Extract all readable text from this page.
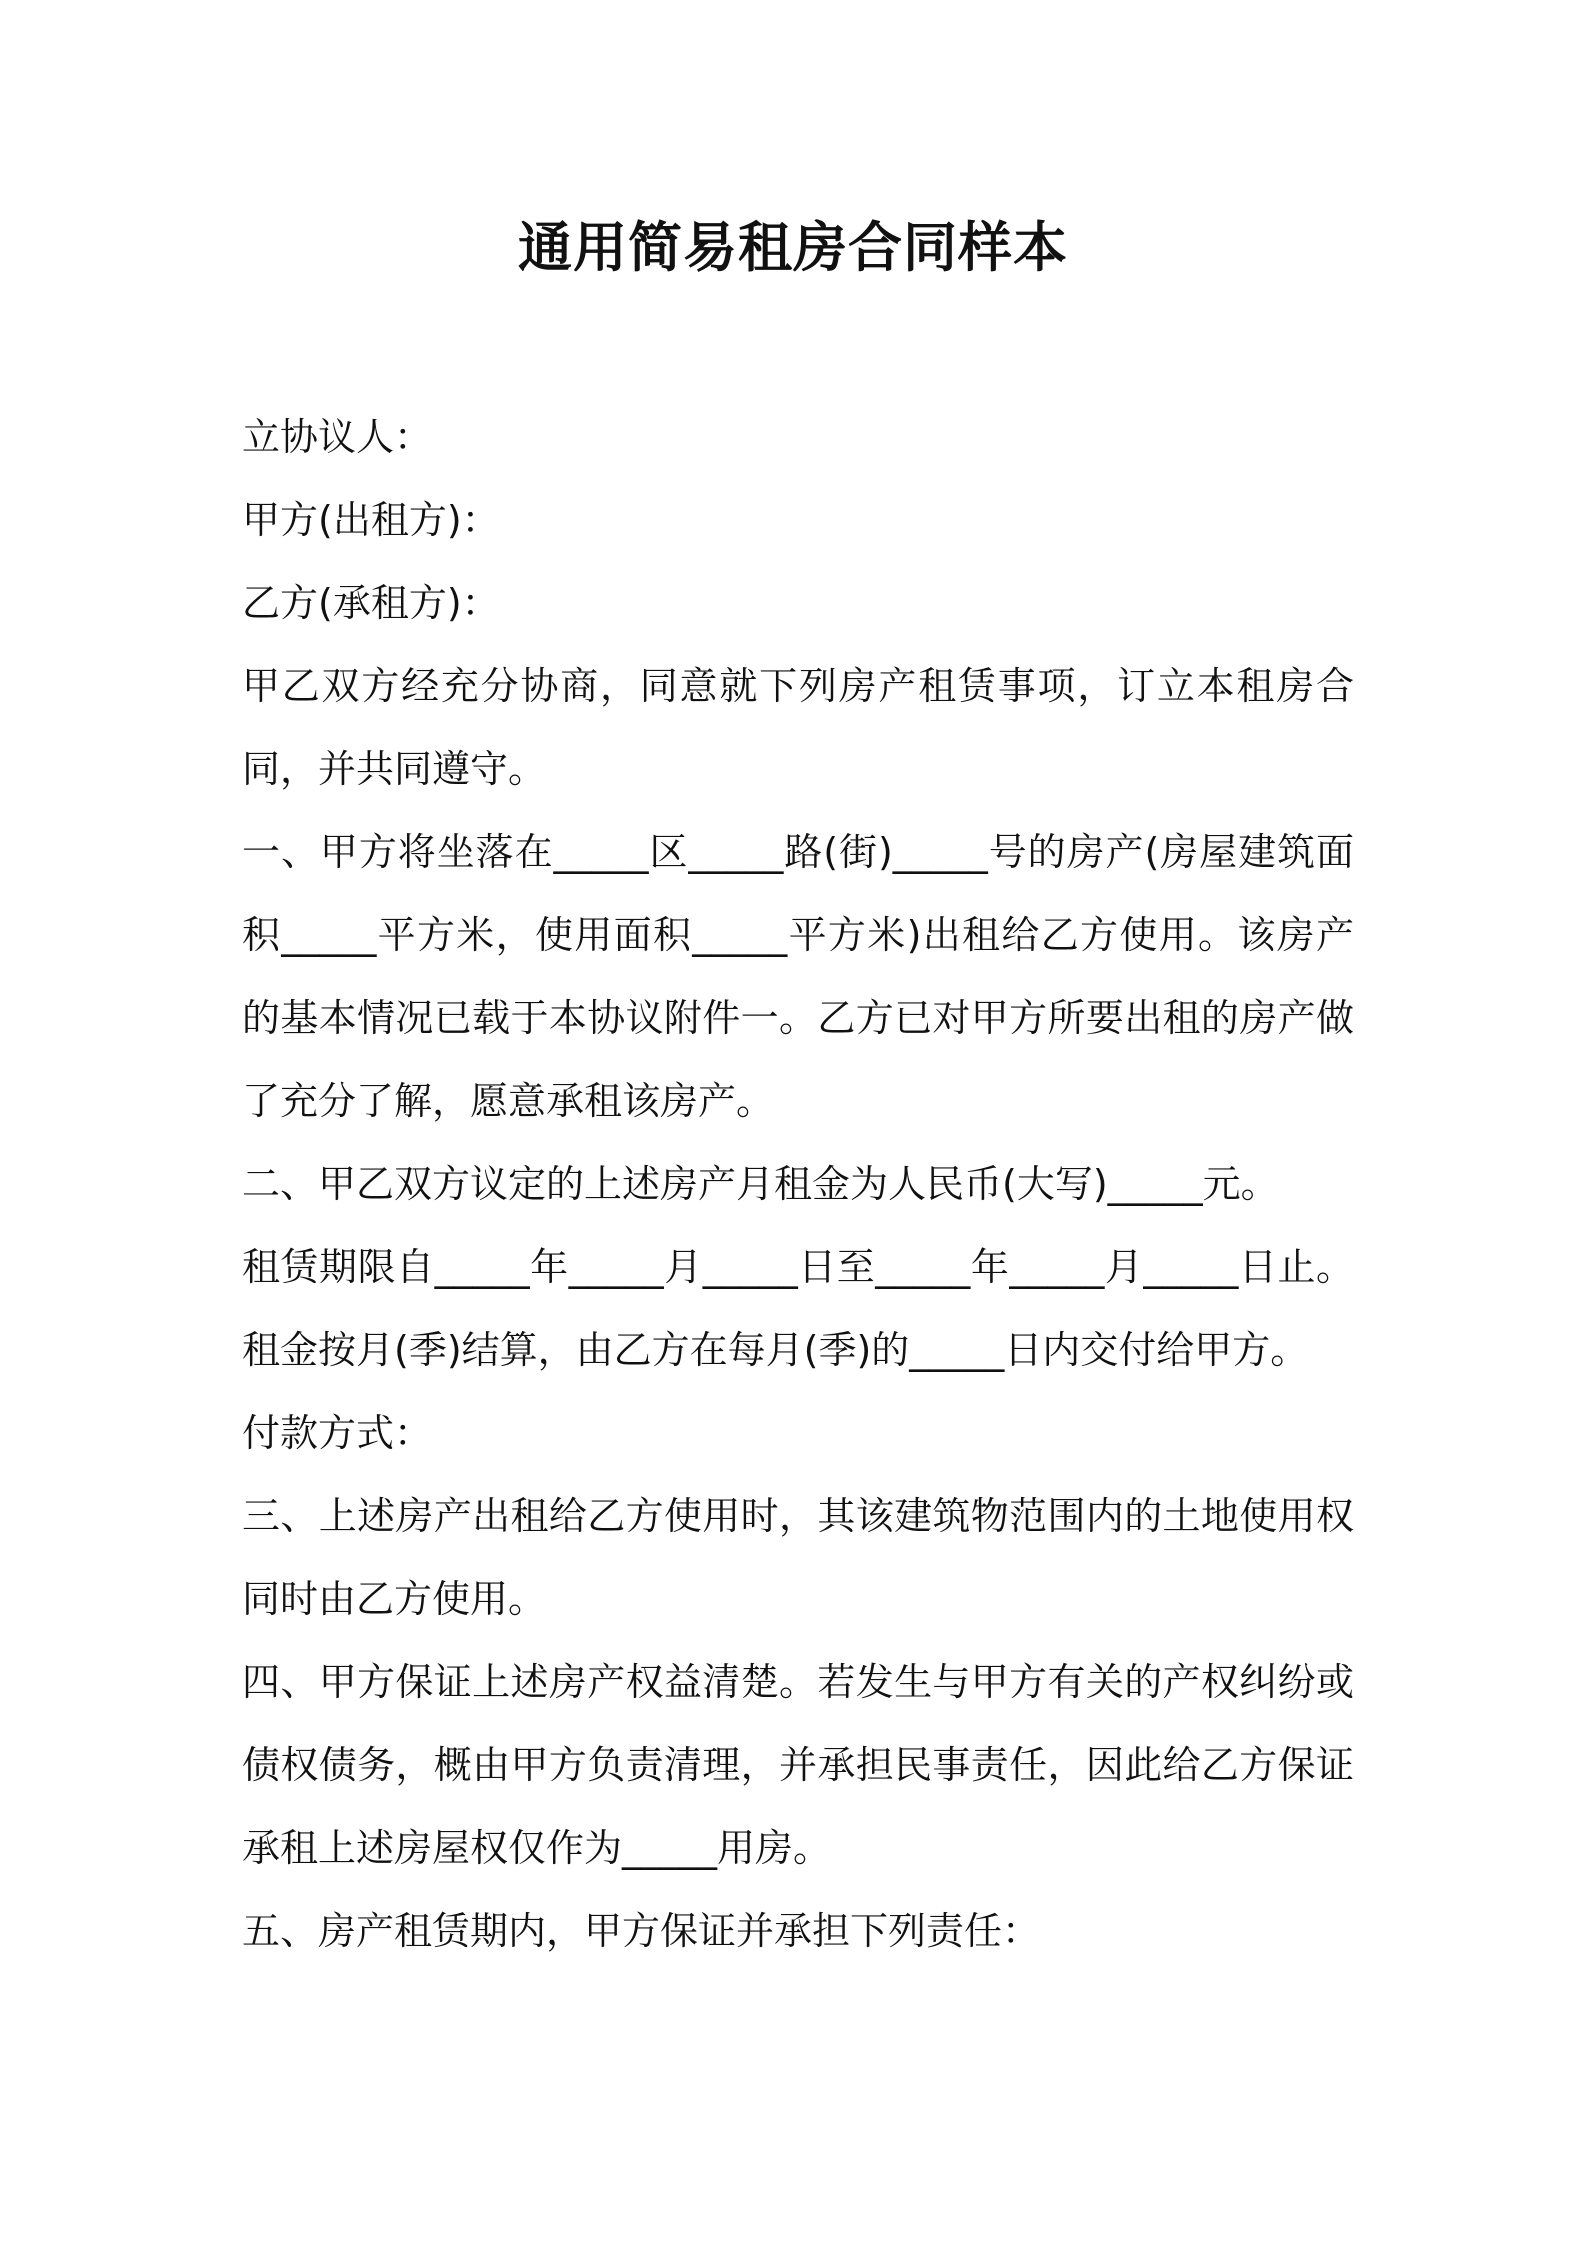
通用简易租房合同样本

立协议人：

甲方(出租方)：

乙方(承租方)：

甲乙双方经充分协商，同意就下列房产租赁事项，订立本租房合同，并共同遵守。

一、甲方将坐落在_____区_____路(街)_____号的房产(房屋建筑面积_____平方米，使用面积_____平方米)出租给乙方使用。该房产的基本情况已载于本协议附件一。乙方已对甲方所要出租的房产做了充分了解，愿意承租该房产。

二、甲乙双方议定的上述房产月租金为人民币(大写)_____元。

租赁期限自_____年_____月_____日至_____年_____月_____日止。租金按月(季)结算，由乙方在每月(季)的_____日内交付给甲方。

付款方式：

三、上述房产出租给乙方使用时，其该建筑物范围内的土地使用权同时由乙方使用。

四、甲方保证上述房产权益清楚。若发生与甲方有关的产权纠纷或债权债务，概由甲方负责清理，并承担民事责任，因此给乙方保证承租上述房屋权仅作为_____用房。

五、房产租赁期内，甲方保证并承担下列责任：
